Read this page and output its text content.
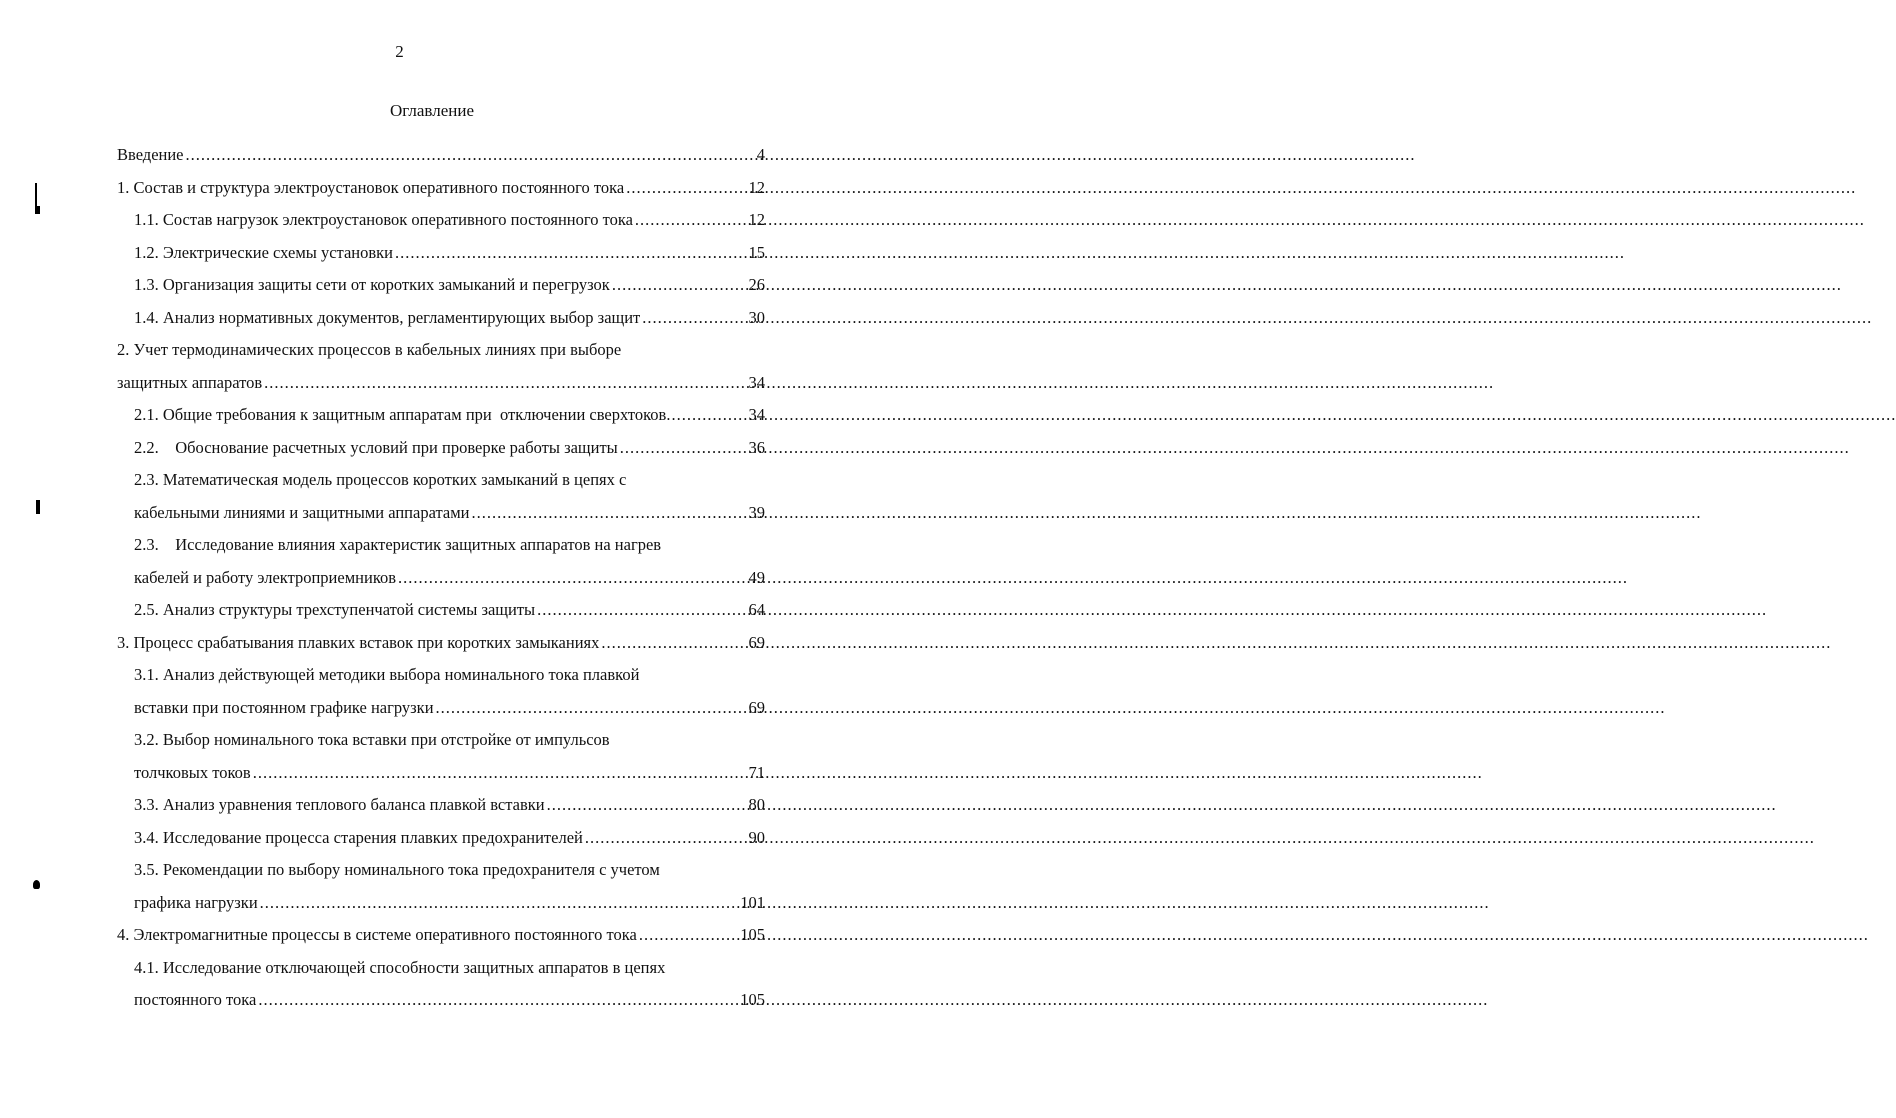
2
Оглавление
Введение .....	4
1. Состав и структура электроустановок оперативного постоянного тока .....	12
1.1. Состав нагрузок электроустановок оперативного постоянного тока .....	12
1.2. Электрические схемы установки .....	15
1.3. Организация защиты сети от коротких замыканий и перегрузок .....	26
1.4. Анализ нормативных документов, регламентирующих выбор защит .....	30
2. Учет термодинамических процессов в кабельных линиях при выборе
защитных аппаратов .....	34
2.1. Общие требования к защитным аппаратам при  отключении сверхтоков .....	34
2.2.    Обоснование расчетных условий при проверке работы защиты .....	36
2.3. Математическая модель процессов коротких замыканий в цепях с
кабельными линиями и защитными аппаратами .....	39
2.3.    Исследование влияния характеристик защитных аппаратов на нагрев
кабелей и работу электроприемников .....	49
2.5. Анализ структуры трехступенчатой системы защиты .....	64
3. Процесс срабатывания плавких вставок при коротких замыканиях .....	69
3.1. Анализ действующей методики выбора номинального тока плавкой
вставки при постоянном графике нагрузки .....	69
3.2. Выбор номинального тока вставки при отстройке от импульсов
толчковых токов .....	71
3.3. Анализ уравнения теплового баланса плавкой вставки .....	80
3.4. Исследование процесса старения плавких предохранителей .....	90
3.5. Рекомендации по выбору номинального тока предохранителя с учетом
графика нагрузки .....	101
4. Электромагнитные процессы в системе оперативного постоянного тока .....	105
4.1. Исследование отключающей способности защитных аппаратов в цепях
постоянного тока .....	105
